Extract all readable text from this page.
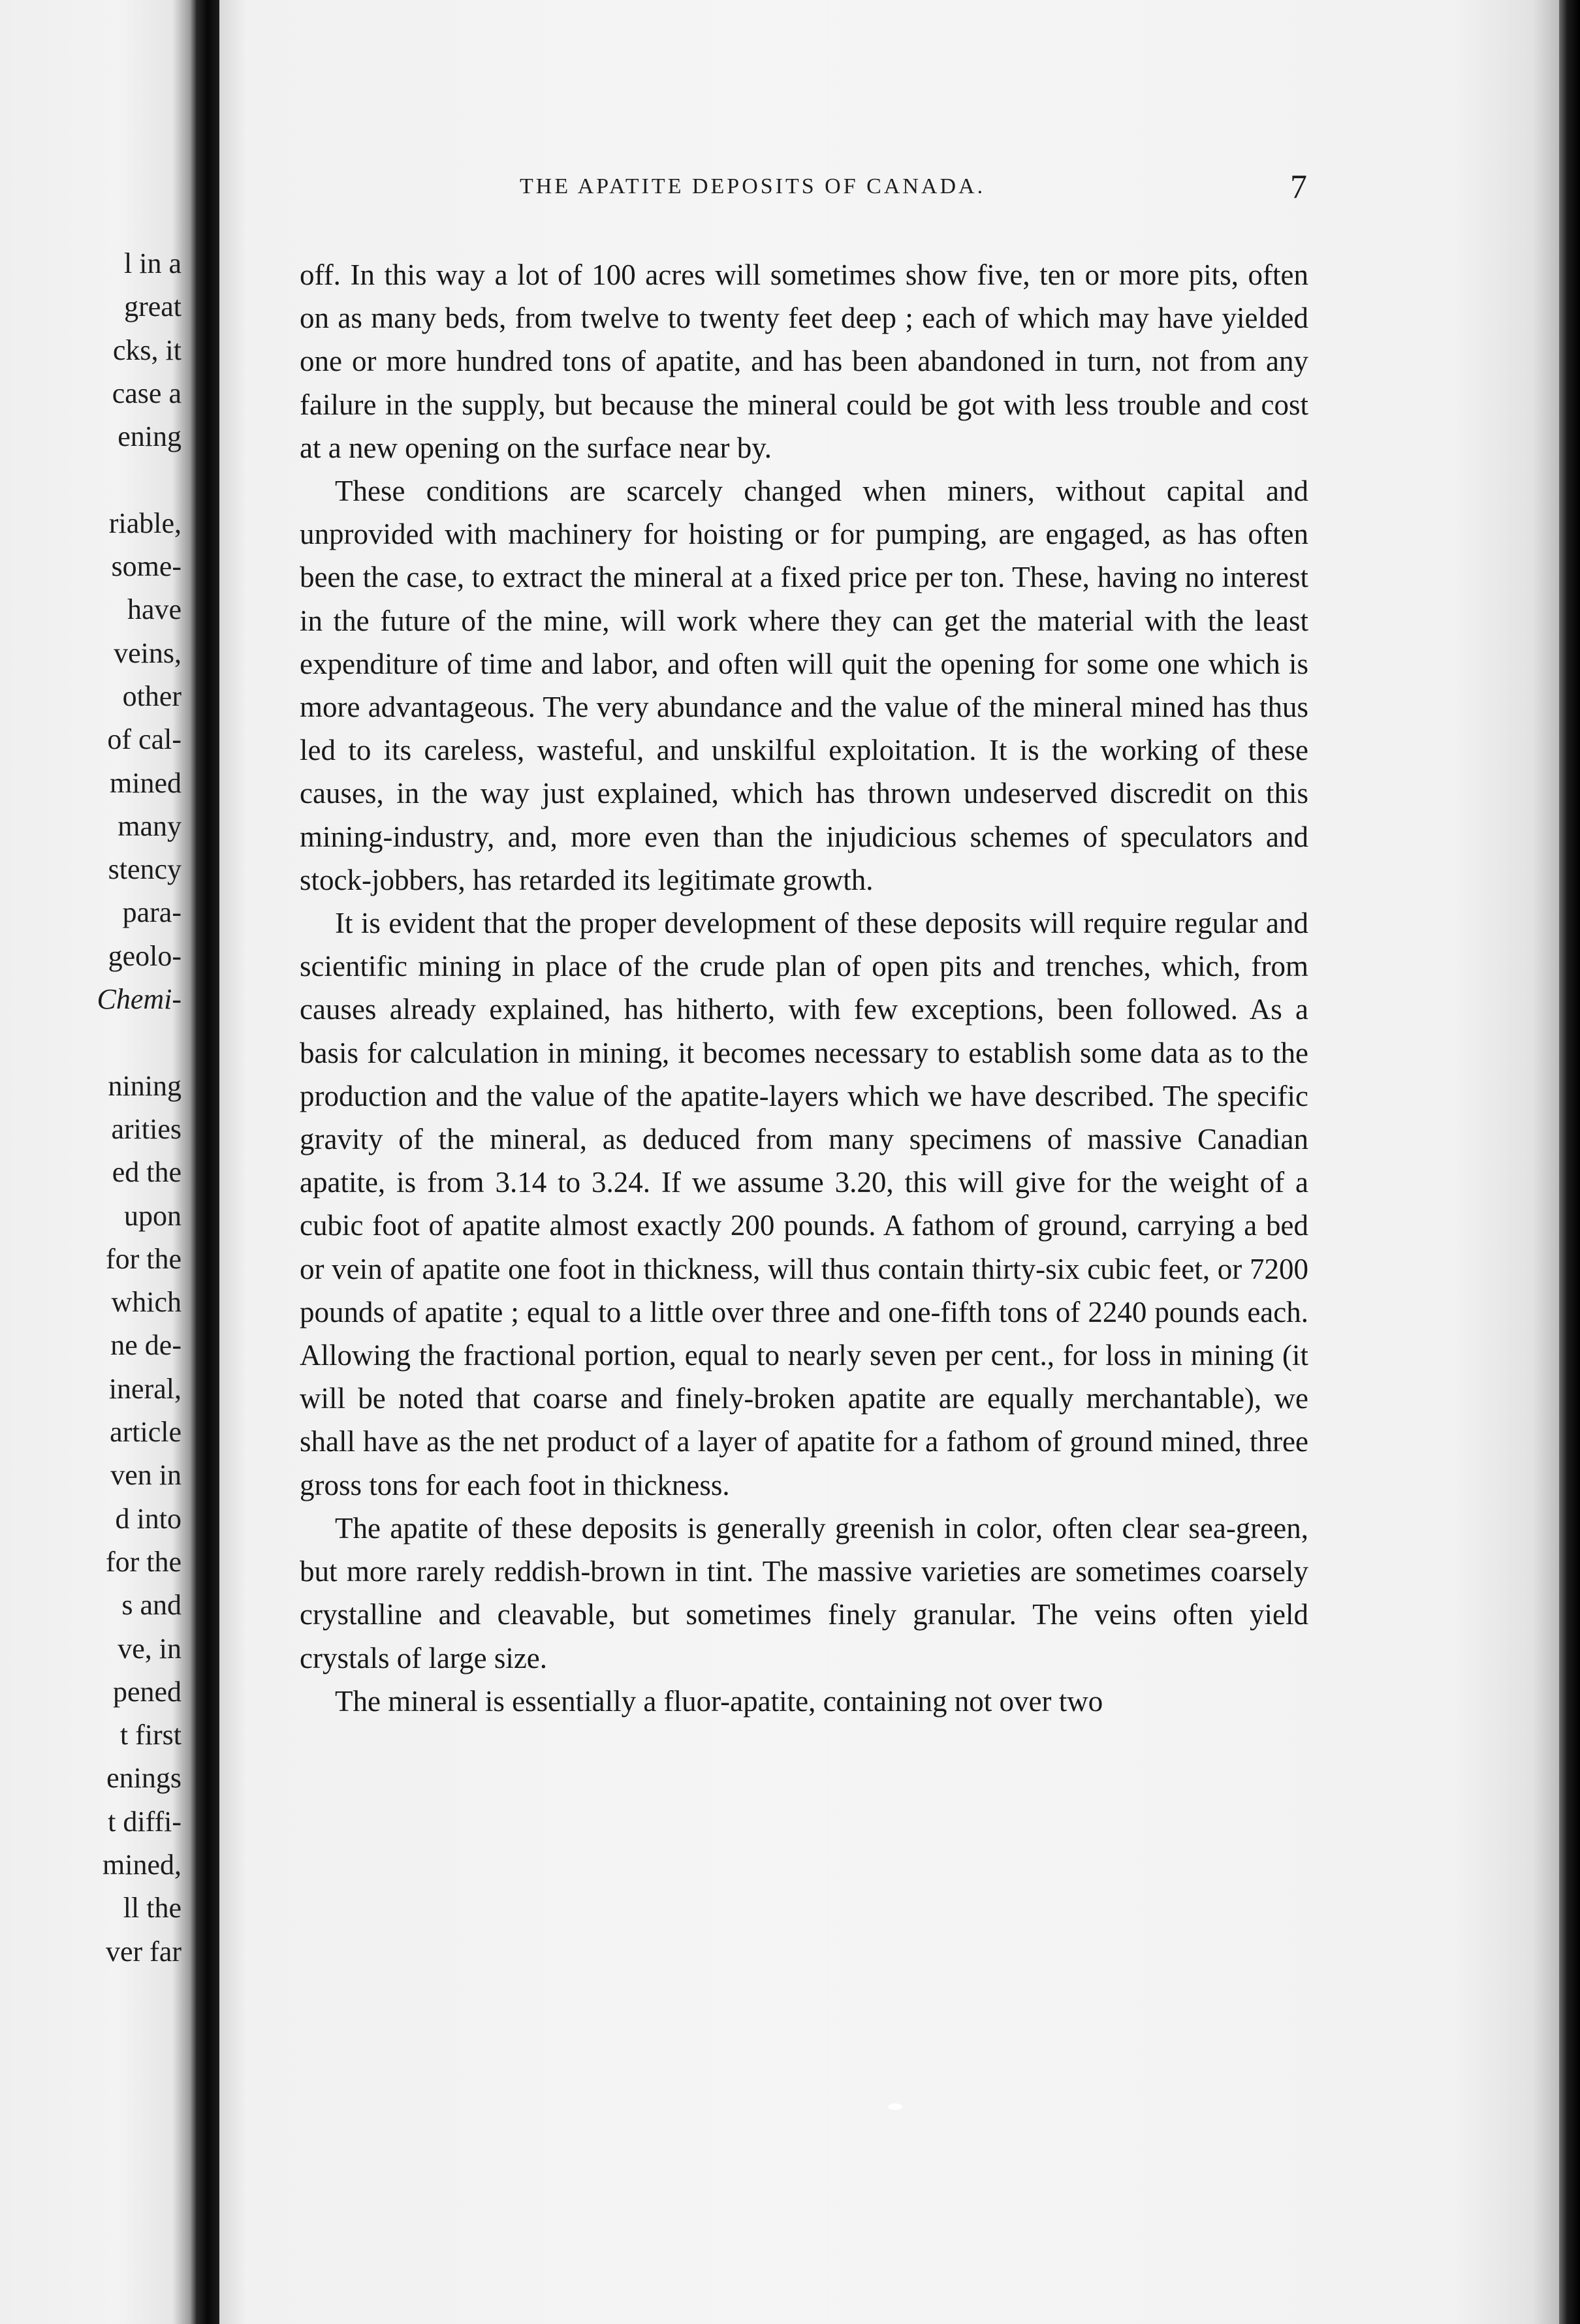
l in a
great
cks, it
case a
ening
riable,
some-
have
veins,
other
of cal-
mined
many
stency
para-
geolo-
Chemi-
nining
arities
ed the
upon
for the
which
ne de-
ineral,
article
ven in
d into
for the
s and
ve, in
pened
t first
enings
t diffi-
mined,
ll the
ver far
THE APATITE DEPOSITS OF CANADA.	7

off. In this way a lot of 100 acres will sometimes show five, ten or more pits, often on as many beds, from twelve to twenty feet deep ; each of which may have yielded one or more hundred tons of apatite, and has been abandoned in turn, not from any failure in the supply, but because the mineral could be got with less trouble and cost at a new opening on the surface near by.

These conditions are scarcely changed when miners, without capital and unprovided with machinery for hoisting or for pumping, are engaged, as has often been the case, to extract the mineral at a fixed price per ton. These, having no interest in the future of the mine, will work where they can get the material with the least expenditure of time and labor, and often will quit the opening for some one which is more advantageous. The very abundance and the value of the mineral mined has thus led to its careless, wasteful, and unskilful exploitation. It is the working of these causes, in the way just explained, which has thrown undeserved discredit on this mining-industry, and, more even than the injudicious schemes of speculators and stock-jobbers, has retarded its legitimate growth.

It is evident that the proper development of these deposits will require regular and scientific mining in place of the crude plan of open pits and trenches, which, from causes already explained, has hitherto, with few exceptions, been followed. As a basis for calculation in mining, it becomes necessary to establish some data as to the production and the value of the apatite-layers which we have described. The specific gravity of the mineral, as deduced from many specimens of massive Canadian apatite, is from 3.14 to 3.24. If we assume 3.20, this will give for the weight of a cubic foot of apatite almost exactly 200 pounds. A fathom of ground, carrying a bed or vein of apatite one foot in thickness, will thus contain thirty-six cubic feet, or 7200 pounds of apatite ; equal to a little over three and one-fifth tons of 2240 pounds each. Allowing the fractional portion, equal to nearly seven per cent., for loss in mining (it will be noted that coarse and finely-broken apatite are equally merchantable), we shall have as the net product of a layer of apatite for a fathom of ground mined, three gross tons for each foot in thickness.

The apatite of these deposits is generally greenish in color, often clear sea-green, but more rarely reddish-brown in tint. The massive varieties are sometimes coarsely crystalline and cleavable, but sometimes finely granular. The veins often yield crystals of large size.

The mineral is essentially a fluor-apatite, containing not over two
